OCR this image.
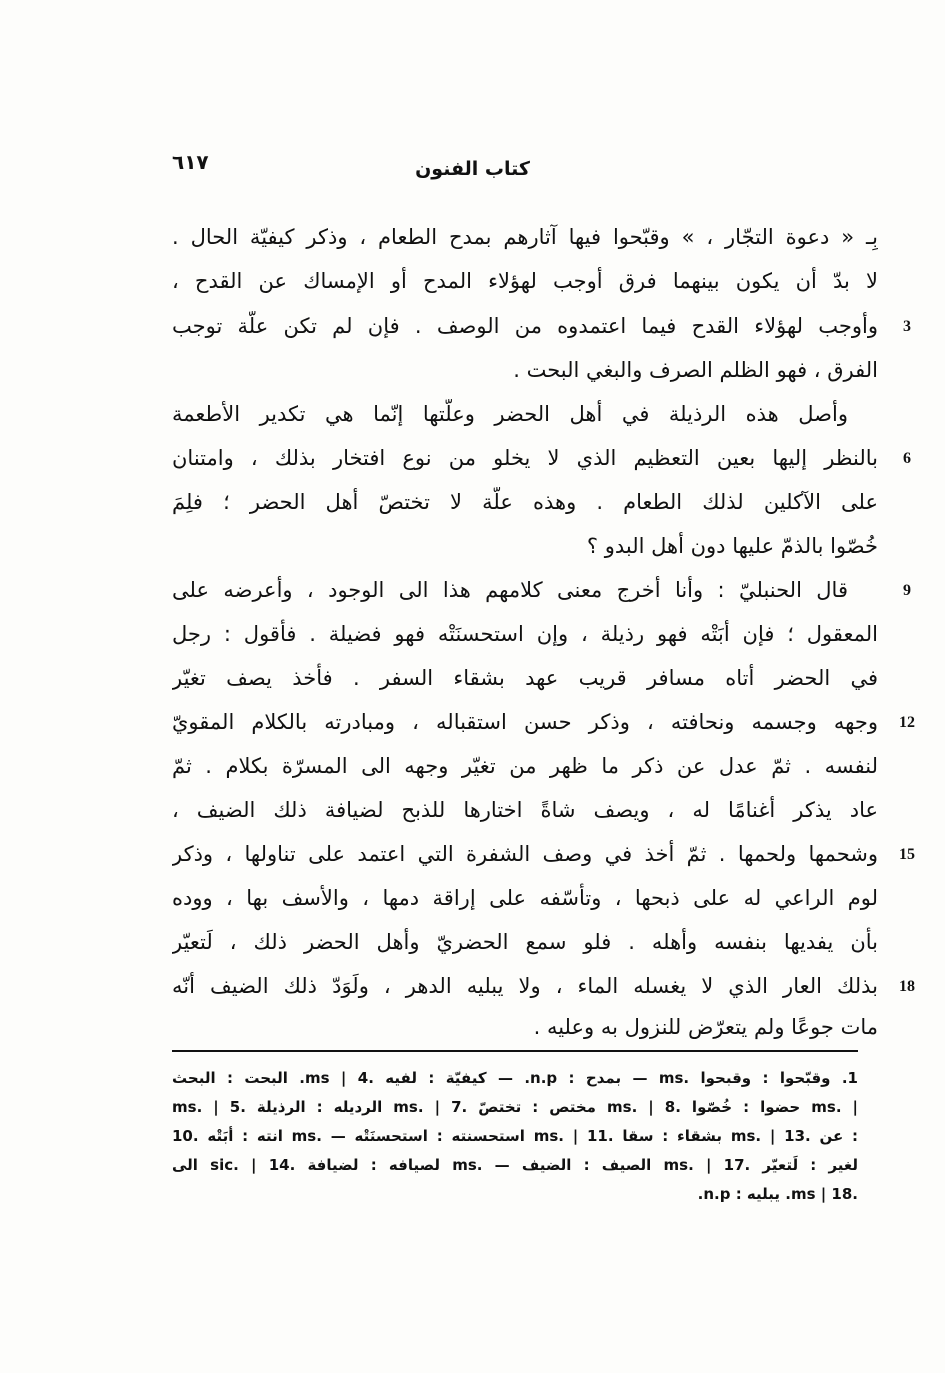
٦١٧	كتاب الفنون
بِـ « دعوة التجّار ، » وقبّحوا فيها آثارهم بمدح الطعام ، وذكر كيفيّة الحال .
لا بدّ أن يكون بينهما فرق أوجب لهؤلاء المدح أو الإمساك عن القدح ،
وأوجب لهؤلاء القدح فيما اعتمدوه من الوصف . فإن لم تكن علّة توجب	3
الفرق ، فهو الظلم الصرف والبغي البحت .
وأصل هذه الرذيلة في أهل الحضر وعلّتها إنّما هي تكدير الأطعمة
بالنظر إليها بعين التعظيم الذي لا يخلو من نوع افتخار بذلك ، وامتنان	6
على الآكلين لذلك الطعام . وهذه علّة لا تختصّ أهل الحضر ؛ فلِمَ
خُصّوا بالذمّ عليها دون أهل البدو ؟
قال الحنبليّ : وأنا أخرج معنى كلامهم هذا الى الوجود ، وأعرضه على	9
المعقول ؛ فإن أبَتْه فهو رذيلة ، وإن استحسنَتْه فهو فضيلة . فأقول : رجل
في الحضر أتاه مسافر قريب عهد بشقاء السفر . فأخذ يصف تغيّر
وجهه وجسمه ونحافته ، وذكر حسن استقباله ، ومبادرته بالكلام المقويّ	12
لنفسه . ثمّ عدل عن ذكر ما ظهر من تغيّر وجهه الى المسرّة بكلام . ثمّ
عاد يذكر أغنامًا له ، ويصف شاةً اختارها للذبح لضيافة ذلك الضيف ،
وشحمها ولحمها . ثمّ أخذ في وصف الشفرة التي اعتمد على تناولها ، وذكر	15
لوم الراعي له على ذبحها ، وتأسّفه على إراقة دمها ، والأسف بها ، ووده
بأن يفديها بنفسه وأهله . فلو سمع الحضريّ وأهل الحضر ذلك ، لَتعيّر
بذلك العار الذي لا يغسله الماء ، ولا يبليه الدهر ، ولَوَدّ ذلك الضيف أنّه	18
مات جوعًا ولم يتعرّض للنزول به وعليه .
1. وقبّحوا : وقبحوا .ms — بمدح : n.p. — كيفيّة : لفيه .ms | 4. البحت : البحث
| .ms حضوا : خُصّوا .8 | .ms مختص : تختصّ .7 | .ms الرديله : الرذيلة .5 | .ms
: عن .13 | .ms بشقاء : سقا .11 | .ms استحسنته : استحسنَتْه — .ms انته : أبَتْه .10
لغير : لَتعيّر .17 | .ms الصيف : الضيف — .ms لصيافه : لضيافة .14 | .sic الى
.ms | 18. يبليه : n.p.
